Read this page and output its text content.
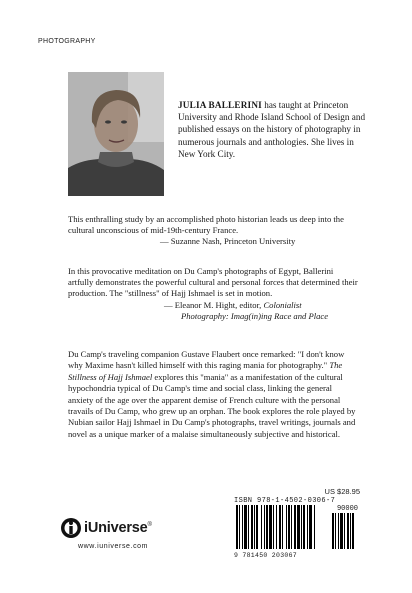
PHOTOGRAPHY
JULIA BALLERINI has taught at Princeton University and Rhode Island School of Design and published essays on the history of photography in numerous journals and anthologies. She lives in New York City.
This enthralling study by an accomplished photo historian leads us deep into the cultural unconscious of mid-19th-century France.
— Suzanne Nash, Princeton University
In this provocative meditation on Du Camp's photographs of Egypt, Ballerini artfully demonstrates the powerful cultural and personal forces that determined their production. The "stillness" of Hajj Ishmael is set in motion.
— Eleanor M. Hight, editor, Colonialist
Photography: Imag(in)ing Race and Place
Du Camp's traveling companion Gustave Flaubert once remarked: "I don't know why Maxime hasn't killed himself with this raging mania for photography." The Stillness of Hajj Ishmael explores this "mania" as a manifestation of the cultural hypochondria typical of Du Camp's time and social class, linking the general anxiety of the age over the apparent demise of French culture with the personal travails of Du Camp, who grew up an orphan. The book explores the role played by Nubian sailor Hajj Ishmael in Du Camp's photographs, travel writings, journals and novel as a unique marker of a malaise simultaneously subjective and historical.
US $28.95
ISBN 978-1-4502-0306-7
90000
9 781450 203067
iUniverse®
www.iuniverse.com
